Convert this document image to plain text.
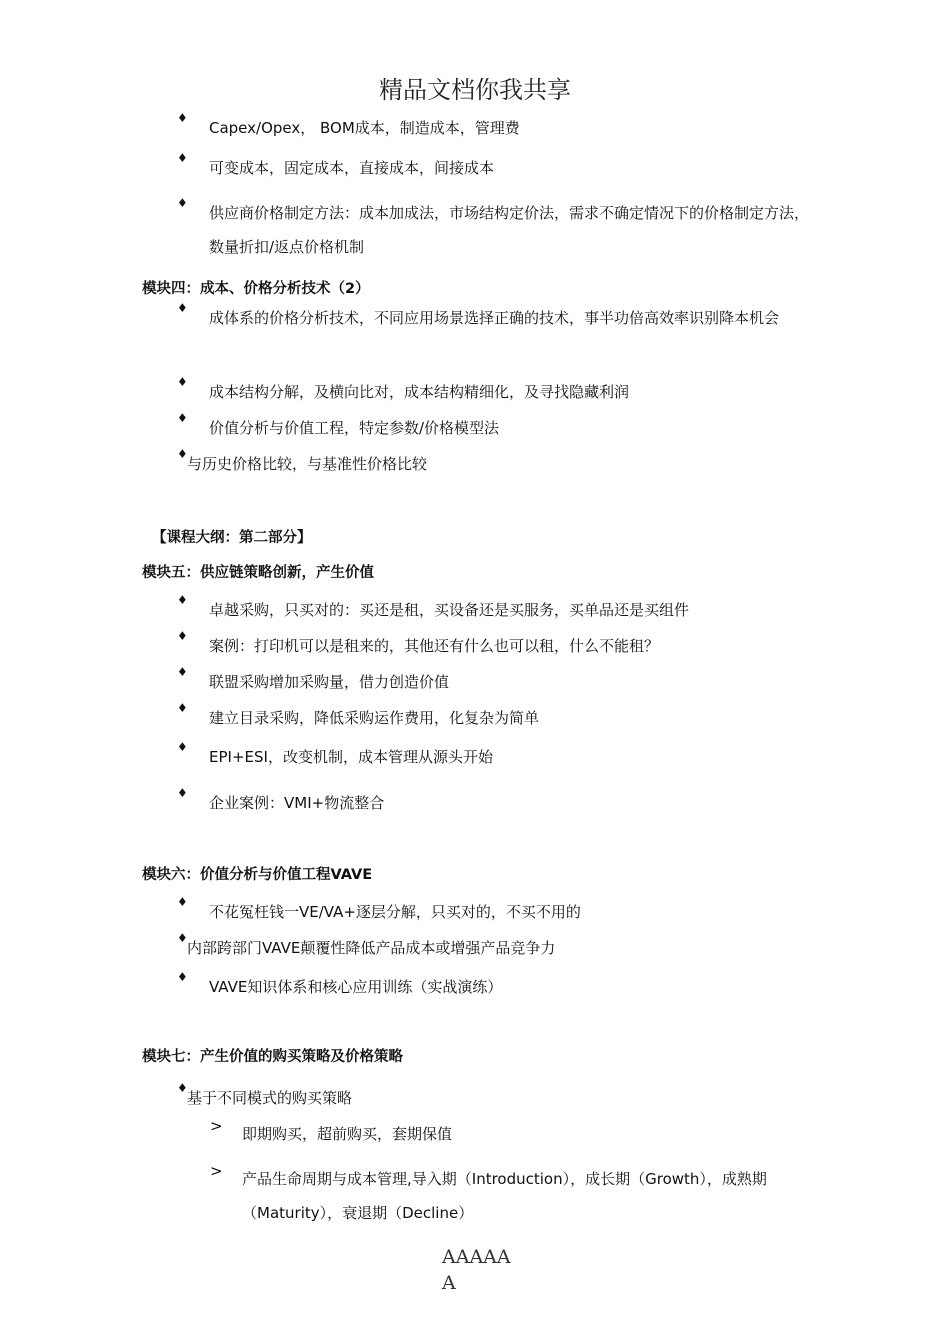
精品文档你我共享
♦
Capex/Opex， BOM成本，制造成本，管理费
♦
可变成本，固定成本，直接成本，间接成本
♦
供应商价格制定方法：成本加成法，市场结构定价法，需求不确定情况下的价格制定方法，数量折扣/返点价格机制
模块四：成本、价格分析技术（2）
♦
成体系的价格分析技术，不同应用场景选择正确的技术，事半功倍高效率识别降本机会
♦
成本结构分解，及横向比对，成本结构精细化，及寻找隐藏利润
♦
价值分析与价值工程，特定参数/价格模型法
♦
与历史价格比较，与基准性价格比较
【课程大纲：第二部分】
模块五：供应链策略创新，产生价值
♦
卓越采购，只买对的：买还是租，买设备还是买服务，买单品还是买组件
♦
案例：打印机可以是租来的，其他还有什么也可以租，什么不能租？
♦
联盟采购增加采购量，借力创造价值
♦
建立目录采购，降低采购运作费用，化复杂为简单
♦
EPI+ESI，改变机制，成本管理从源头开始
♦
企业案例：VMI+物流整合
模块六：价值分析与价值工程VAVE
♦
不花冤枉钱一VE/VA+逐层分解，只买对的，不买不用的
♦
内部跨部门VAVE颠覆性降低产品成本或增强产品竞争力
♦
VAVE知识体系和核心应用训练（实战演练）
模块七：产生价值的购买策略及价格策略
♦
基于不同模式的购买策略
> 即期购买，超前购买，套期保值
> 产品生命周期与成本管理,导入期（Introduction），成长期（Growth），成熟期（Maturity），衰退期（Decline）
AAAAA
A
